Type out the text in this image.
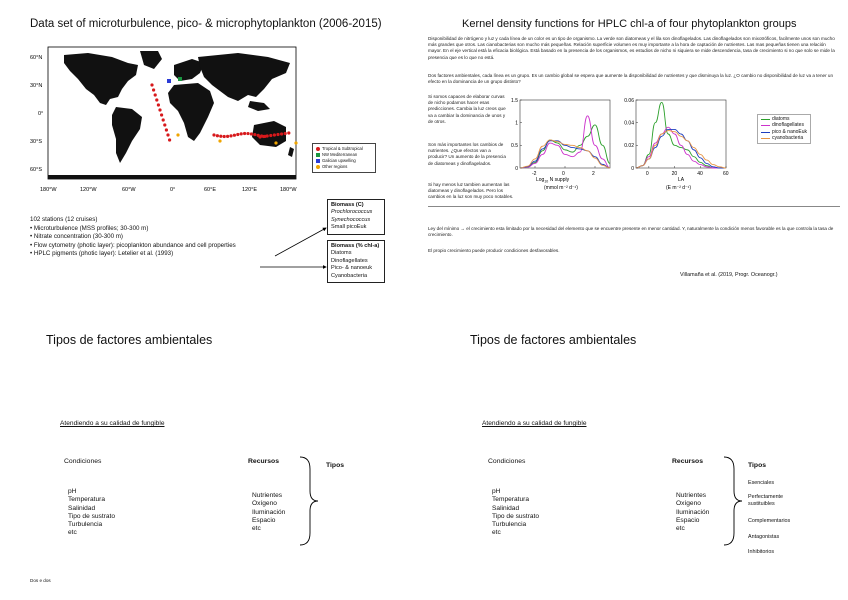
Data set of microturbulence, pico- & microphytoplankton (2006-2015)
60°N
30°N
0°
30°S
60°S
180°W	120°W	60°W	0°	60°E	120°E	180°W
Tropical & Subtropical
NW Mediterranean
Galician upwelling
Other regions
102 stations (12 cruises)
• Microturbulence (MSS profiles; 30-300 m)
• Nitrate concentration (30-300 m)
• Flow cytometry (photic layer): picoplankton abundance and cell properties
• HPLC pigments (photic layer): Letelier et al. (1993)
Biomass (C)
Prochlorococcus
Synechococcus
Small picoEuk
Biomass (% chl-a)
Diatoms
Dinoflagellates
Pico- & nanoeuk
Cyanobacteria
Kernel density functions for HPLC chl-a of four phytoplankton groups
Disponibilidad de nitrógeno y luz y cada línea de un color es un tipo de organismo. La verde son diatomeas y el lila son dinoflagelados. Las dinoflagelados son mixotróficos, facilmente unos son mucho más grandes que otros. Las cianobacterias son mucho más pequeñas. Relación superficie volumen es muy importante a la hora de captación de nutrientes. Las mas pequeñas tienen una relación mayor. En el eje vertical está la eficacia biológica. Está basado en la presencia de los organismos, es estudios de nicho ni siquiera se mide descendencia, tasa de crecimiento si no que solo se mide la presencia que es lo que no está.
Dos factores ambientales, cada línea es un grupo. Es un cambio global se espera que aumente la disponibilidad de nutrientes y que disminuya la luz. ¿O cambio no disponibilidad de luz va a tener un efecto en la dominancia de un grupo distinto?
Si somos capaces de elaborar curvas de nicho podamos hacer esas predicciones. Cambia la luz creos que va a cambiar la dominancia de unos y de otros.
Son más importantes los cambios de nutrientes. ¿Que efectos van a producir? Un aumento de la presencia de diatomeas y dinoflagelados.
Si hay menos luz tambien aumentan las diatomeas y dinoflagelados. Pero los cambios en la luz son muy poco notables.
-2	0	2
0
0.5
1
1.5
Log$_{10}$ N supply
(mmol m⁻² d⁻¹)
0	20	40	60
0
0.02
0.04
0.06
LA
(E m⁻² d⁻¹)
diatoms
dinoflagellates
pico & nanoEuk
cyanobacteria
Ley del mínimo → el crecimiento esta limitado por la necesidad del elemento que se encuentre presente en menor cantidad. Y, naturalmente la condición menos favorable es la que controla la tasa de crecimiento.
El propio crecimiento puede producir condiciones desfavorables.
Villamaña et al. (2019, Progr. Oceanogr.)
Tipos de factores ambientales
Atendiendo a su calidad de fungible
Condiciones
pH
Temperatura
Salinidad
Tipo de sustrato
Turbulencia
etc
Recursos
Nutrientes
Oxígeno
Iluminación
Espacio
etc
Tipos
Tipos de factores ambientales
Atendiendo a su calidad de fungible
Condiciones
pH
Temperatura
Salinidad
Tipo de sustrato
Turbulencia
etc
Recursos
Nutrientes
Oxígeno
Iluminación
Espacio
etc
Tipos
Esenciales
Perfectamente sustituibles
Complementarios
Antagonistas
Inhibitorios
Dos e dos
